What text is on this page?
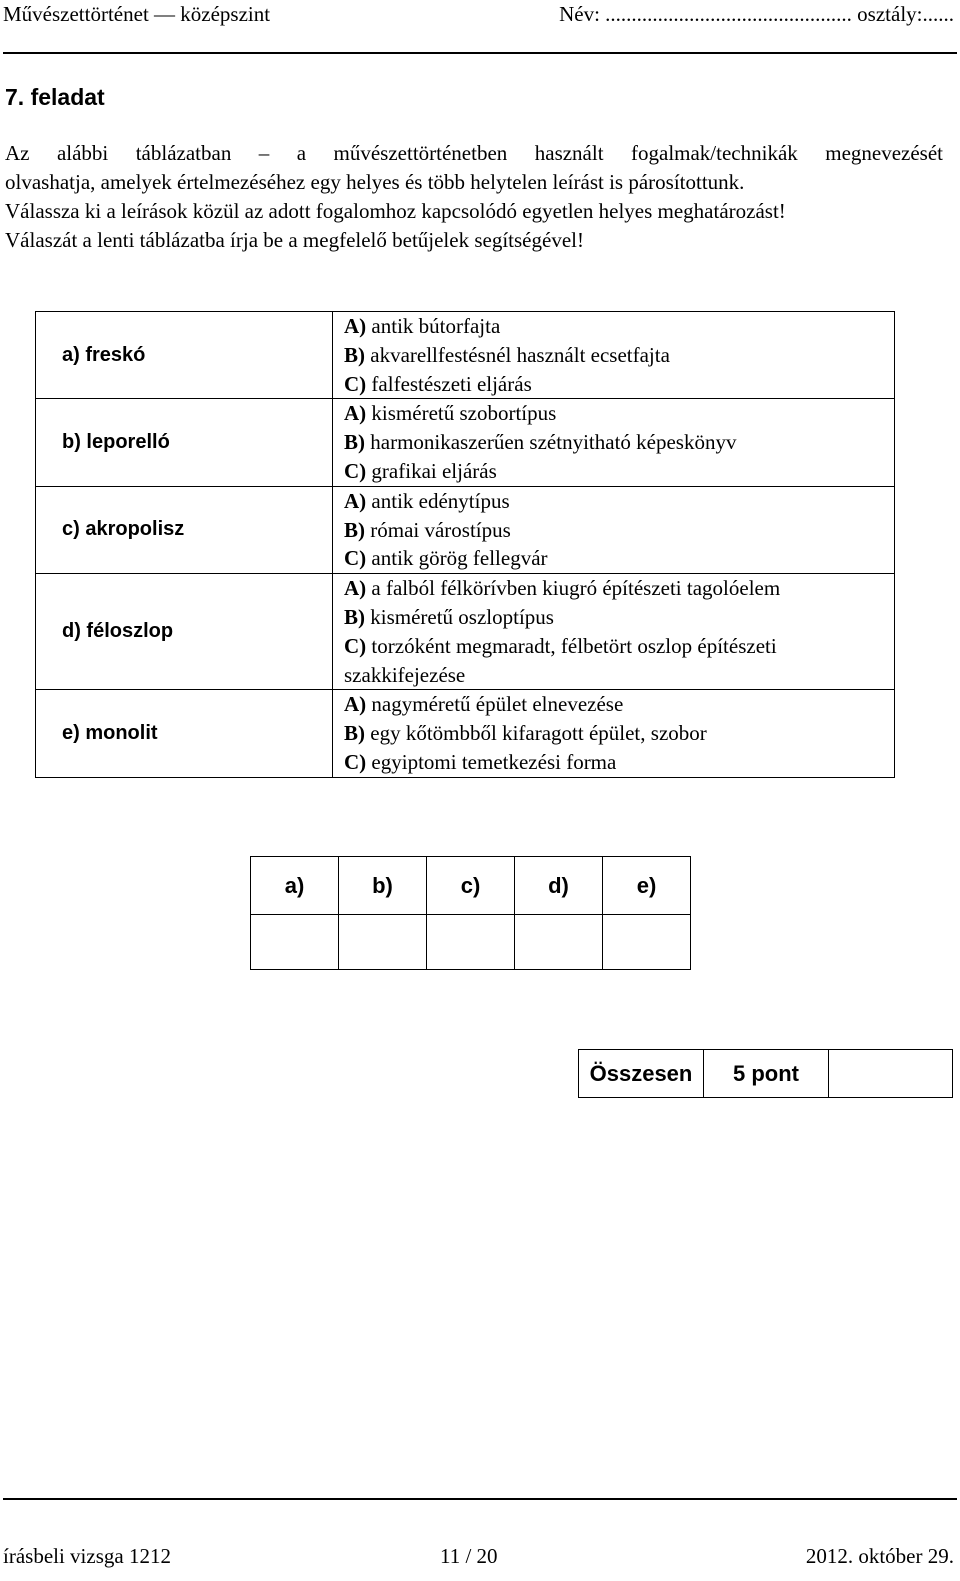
Művészettörténet — középszint	Név: ............................................... osztály:......
7. feladat

Az alábbi táblázatban – a művészettörténetben használt fogalmak/technikák megnevezését

olvashatja, amelyek értelmezéséhez egy helyes és több helytelen leírást is párosítottunk.

Válassza ki a leírások közül az adott fogalomhoz kapcsolódó egyetlen helyes meghatározást!

Válaszát a lenti táblázatba írja be a megfelelő betűjelek segítségével!

a) freskó	A) antik bútorfajta
B) akvarellfestésnél használt ecsetfajta
C) falfestészeti eljárás

b) leporelló	A) kisméretű szobortípus
B) harmonikaszerűen szétnyitható képeskönyv
C) grafikai eljárás

c) akropolisz	A) antik edénytípus
B) római várostípus
C) antik görög fellegvár

d) féloszlop	A) a falból félkörívben kiugró építészeti tagolóelem
B) kisméretű oszloptípus
C) torzóként megmaradt, félbetört oszlop építészeti szakkifejezése

e) monolit	A) nagyméretű épület elnevezése
B) egy kőtömbből kifaragott épület, szobor
C) egyiptomi temetkezési forma
a)	b)	c)	d)	e)

Összesen	5 pont	
írásbeli vizsga 1212	11 / 20	2012. október 29.
